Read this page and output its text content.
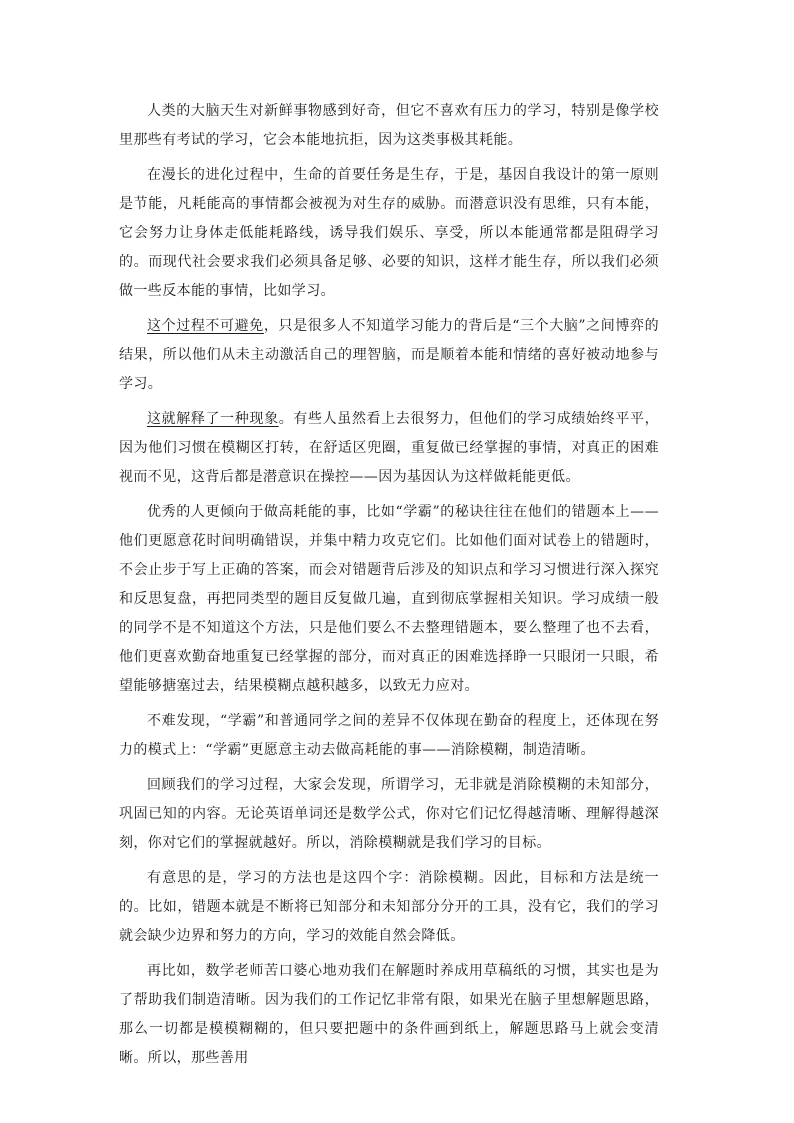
人类的大脑天生对新鲜事物感到好奇，但它不喜欢有压力的学习，特别是像学校里那些有考试的学习，它会本能地抗拒，因为这类事极其耗能。

在漫长的进化过程中，生命的首要任务是生存，于是，基因自我设计的第一原则是节能，凡耗能高的事情都会被视为对生存的威胁。而潜意识没有思维，只有本能，它会努力让身体走低能耗路线，诱导我们娱乐、享受，所以本能通常都是阻碍学习的。而现代社会要求我们必须具备足够、必要的知识，这样才能生存，所以我们必须做一些反本能的事情，比如学习。

这个过程不可避免，只是很多人不知道学习能力的背后是“三个大脑”之间博弈的结果，所以他们从未主动激活自己的理智脑，而是顺着本能和情绪的喜好被动地参与学习。

这就解释了一种现象。有些人虽然看上去很努力，但他们的学习成绩始终平平，因为他们习惯在模糊区打转，在舒适区兜圈，重复做已经掌握的事情，对真正的困难视而不见，这背后都是潜意识在操控——因为基因认为这样做耗能更低。

优秀的人更倾向于做高耗能的事，比如“学霸”的秘诀往往在他们的错题本上——他们更愿意花时间明确错误，并集中精力攻克它们。比如他们面对试卷上的错题时，不会止步于写上正确的答案，而会对错题背后涉及的知识点和学习习惯进行深入探究和反思复盘，再把同类型的题目反复做几遍，直到彻底掌握相关知识。学习成绩一般的同学不是不知道这个方法，只是他们要么不去整理错题本，要么整理了也不去看，他们更喜欢勤奋地重复已经掌握的部分，而对真正的困难选择睁一只眼闭一只眼，希望能够搪塞过去，结果模糊点越积越多，以致无力应对。

不难发现，“学霸”和普通同学之间的差异不仅体现在勤奋的程度上，还体现在努力的模式上：“学霸”更愿意主动去做高耗能的事——消除模糊，制造清晰。

回顾我们的学习过程，大家会发现，所谓学习，无非就是消除模糊的未知部分，巩固已知的内容。无论英语单词还是数学公式，你对它们记忆得越清晰、理解得越深刻，你对它们的掌握就越好。所以，消除模糊就是我们学习的目标。

有意思的是，学习的方法也是这四个字：消除模糊。因此，目标和方法是统一的。比如，错题本就是不断将已知部分和未知部分分开的工具，没有它，我们的学习就会缺少边界和努力的方向，学习的效能自然会降低。

再比如，数学老师苦口婆心地劝我们在解题时养成用草稿纸的习惯，其实也是为了帮助我们制造清晰。因为我们的工作记忆非常有限，如果光在脑子里想解题思路，那么一切都是模模糊糊的，但只要把题中的条件画到纸上，解题思路马上就会变清晰。所以，那些善用
